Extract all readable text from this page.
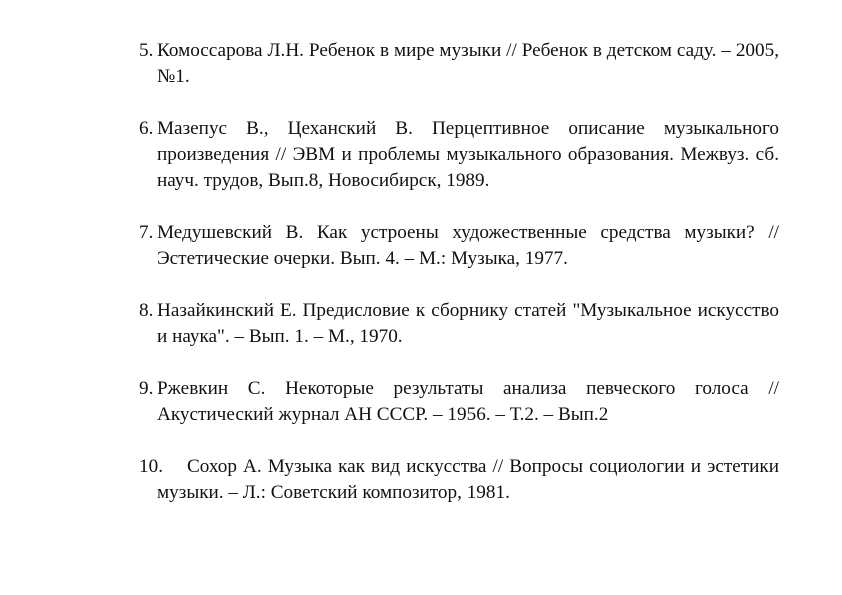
5. Комоссарова Л.Н. Ребенок в мире музыки // Ребенок в детском саду. – 2005, №1.
6. Мазепус В., Цеханский В. Перцептивное описание музыкального произведения // ЭВМ и проблемы музыкального образования. Межвуз. сб. науч. трудов, Вып.8, Новосибирск, 1989.
7. Медушевский В. Как устроены художественные средства музыки? // Эстетические очерки. Вып. 4. – М.: Музыка, 1977.
8. Назайкинский Е. Предисловие к сборнику статей "Музыкальное искусство и наука". – Вып. 1. – М., 1970.
9. Ржевкин С. Некоторые результаты анализа певческого голоса // Акустический журнал АН СССР. – 1956. – Т.2. – Вып.2
10. Сохор А. Музыка как вид искусства // Вопросы социологии и эстетики музыки. – Л.: Советский композитор, 1981.
